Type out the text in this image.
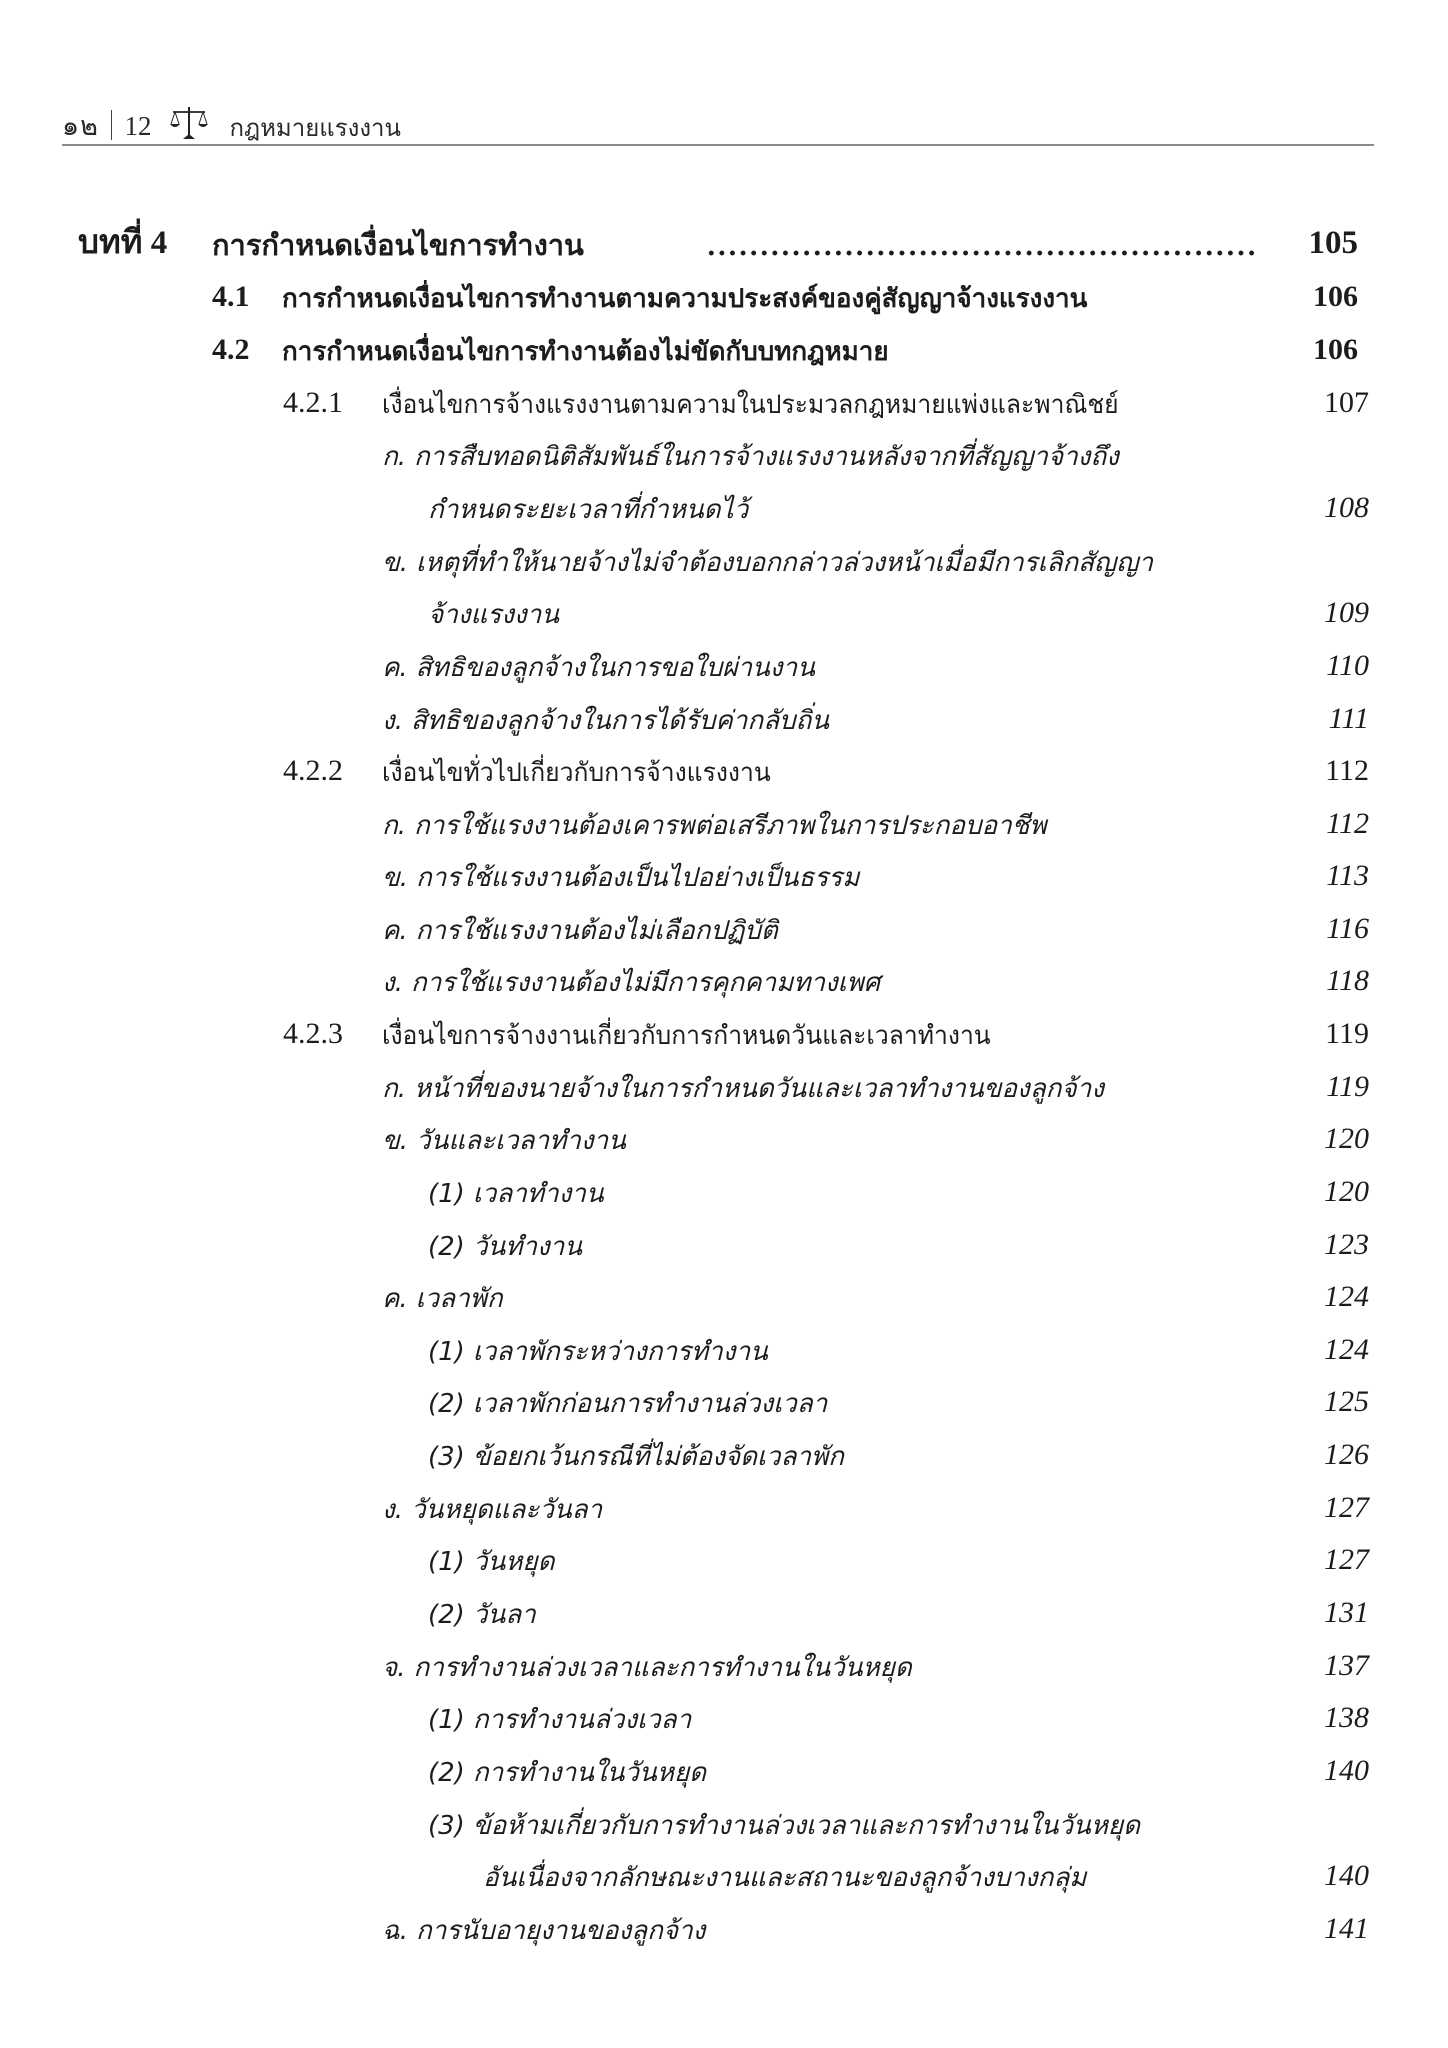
๑๒ 12	กฎหมายแรงงาน
บทที่ 4 การกำหนดเงื่อนไขการทำงาน	105
4.1 การกำหนดเงื่อนไขการทำงานตามความประสงค์ของคู่สัญญาจ้างแรงงาน	106
4.2 การกำหนดเงื่อนไขการทำงานต้องไม่ขัดกับบทกฎหมาย	106
4.2.1 เงื่อนไขการจ้างแรงงานตามความในประมวลกฎหมายแพ่งและพาณิชย์	107
ก. การสืบทอดนิติสัมพันธ์ในการจ้างแรงงานหลังจากที่สัญญาจ้างถึง
กำหนดระยะเวลาที่กำหนดไว้	108
ข. เหตุที่ทำให้นายจ้างไม่จำต้องบอกกล่าวล่วงหน้าเมื่อมีการเลิกสัญญา
จ้างแรงงาน	109
ค. สิทธิของลูกจ้างในการขอใบผ่านงาน	110
ง. สิทธิของลูกจ้างในการได้รับค่ากลับถิ่น	111
4.2.2 เงื่อนไขทั่วไปเกี่ยวกับการจ้างแรงงาน	112
ก. การใช้แรงงานต้องเคารพต่อเสรีภาพในการประกอบอาชีพ	112
ข. การใช้แรงงานต้องเป็นไปอย่างเป็นธรรม	113
ค. การใช้แรงงานต้องไม่เลือกปฏิบัติ	116
ง. การใช้แรงงานต้องไม่มีการคุกคามทางเพศ	118
4.2.3 เงื่อนไขการจ้างงานเกี่ยวกับการกำหนดวันและเวลาทำงาน	119
ก. หน้าที่ของนายจ้างในการกำหนดวันและเวลาทำงานของลูกจ้าง	119
ข. วันและเวลาทำงาน	120
(1) เวลาทำงาน	120
(2) วันทำงาน	123
ค. เวลาพัก	124
(1) เวลาพักระหว่างการทำงาน	124
(2) เวลาพักก่อนการทำงานล่วงเวลา	125
(3) ข้อยกเว้นกรณีที่ไม่ต้องจัดเวลาพัก	126
ง. วันหยุดและวันลา	127
(1) วันหยุด	127
(2) วันลา	131
จ. การทำงานล่วงเวลาและการทำงานในวันหยุด	137
(1) การทำงานล่วงเวลา	138
(2) การทำงานในวันหยุด	140
(3) ข้อห้ามเกี่ยวกับการทำงานล่วงเวลาและการทำงานในวันหยุด
อันเนื่องจากลักษณะงานและสถานะของลูกจ้างบางกลุ่ม	140
ฉ. การนับอายุงานของลูกจ้าง	141
